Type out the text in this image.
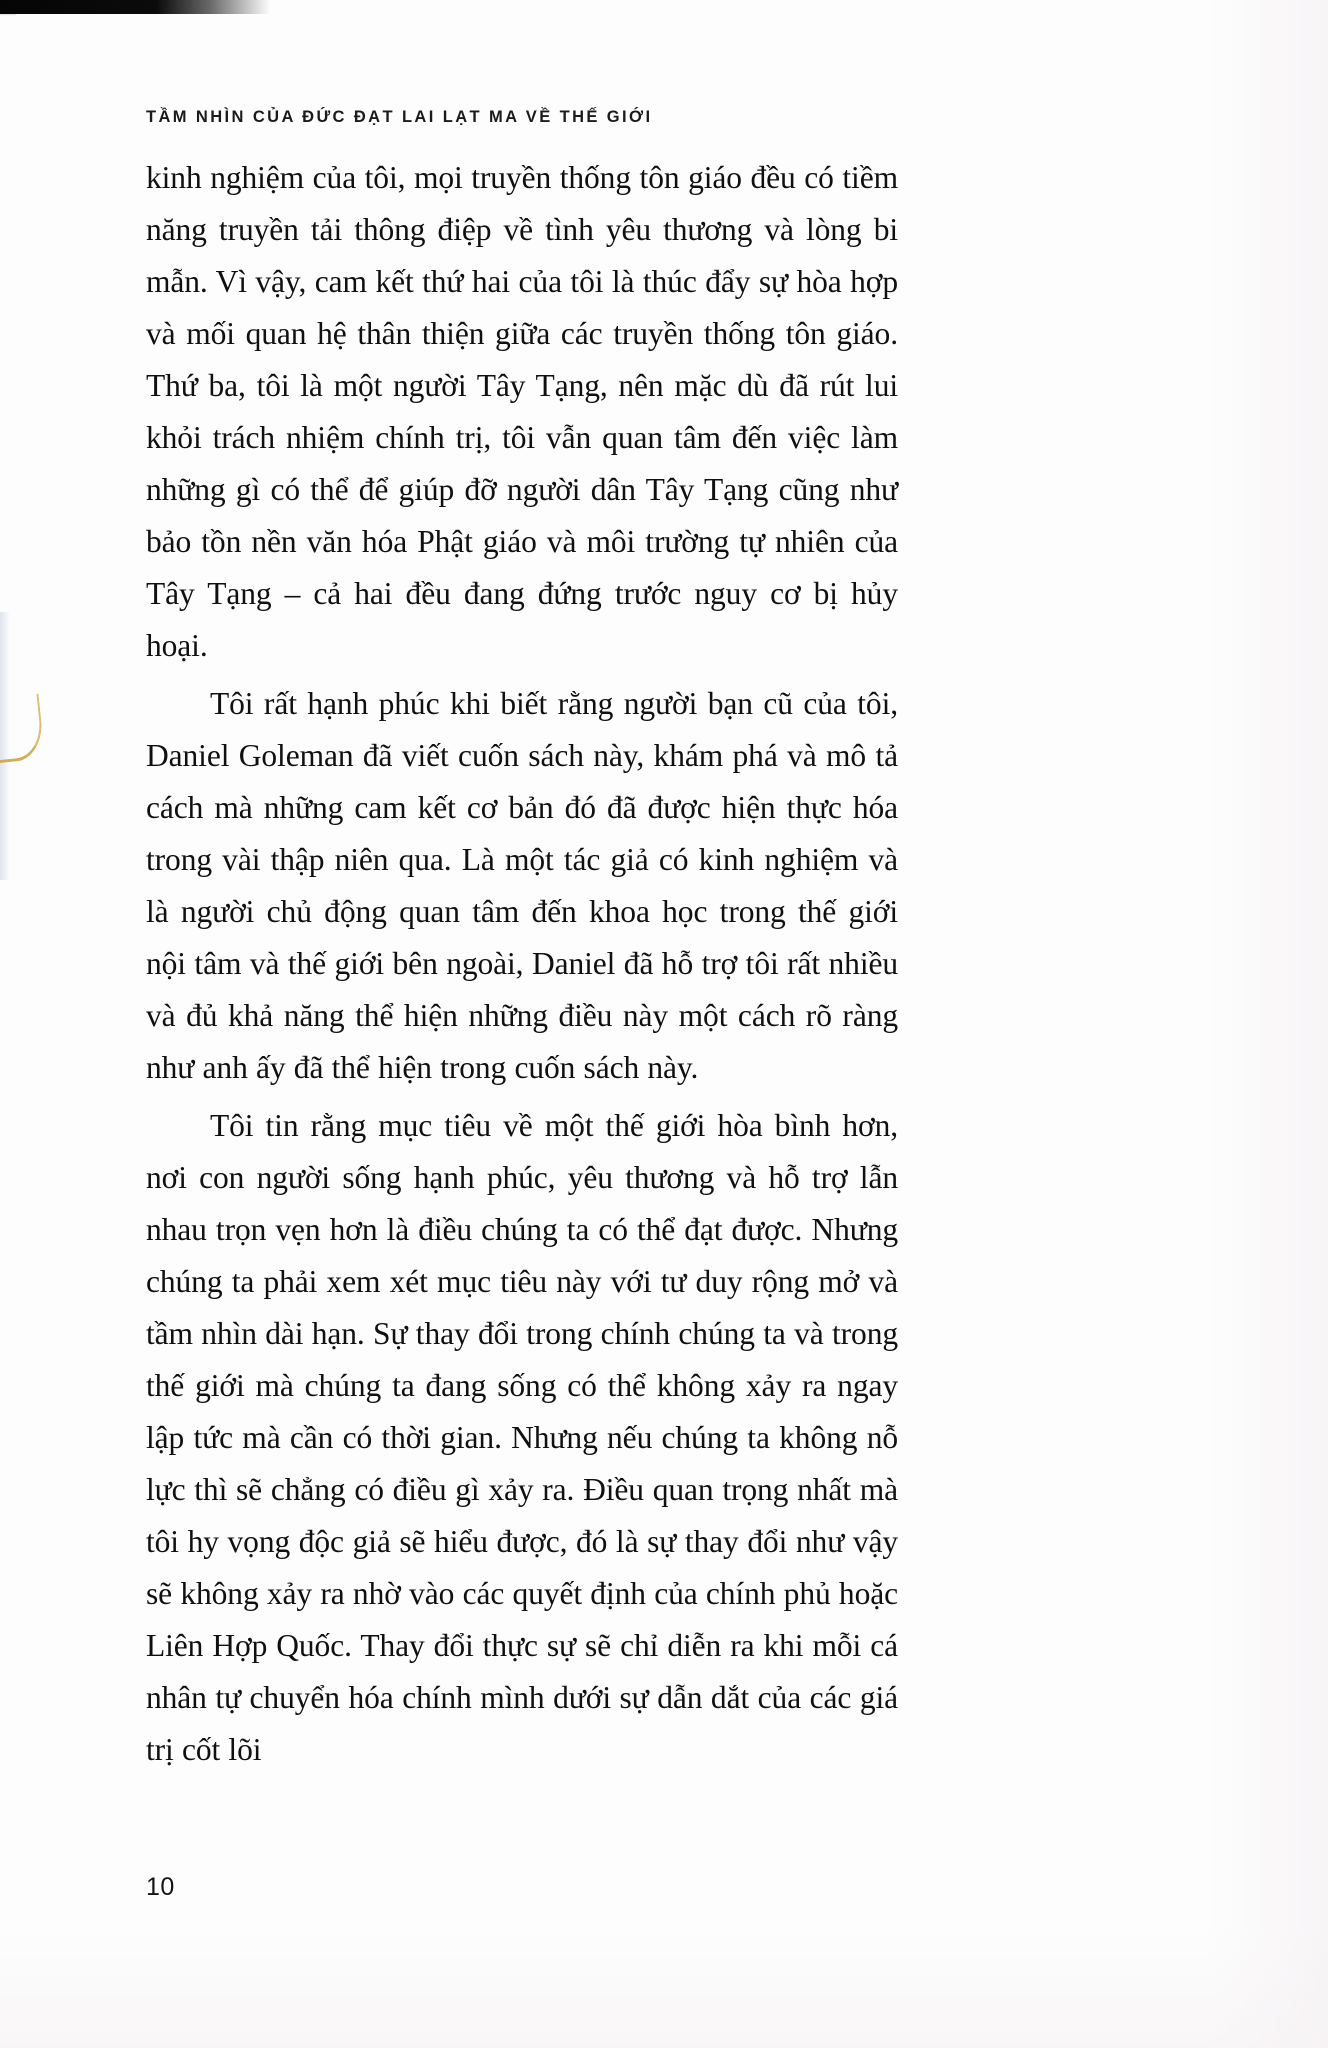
TẦM NHÌN CỦA ĐỨC ĐẠT LAI LẠT MA VỀ THẾ GIỚI

kinh nghiệm của tôi, mọi truyền thống tôn giáo đều có tiềm năng truyền tải thông điệp về tình yêu thương và lòng bi mẫn. Vì vậy, cam kết thứ hai của tôi là thúc đẩy sự hòa hợp và mối quan hệ thân thiện giữa các truyền thống tôn giáo. Thứ ba, tôi là một người Tây Tạng, nên mặc dù đã rút lui khỏi trách nhiệm chính trị, tôi vẫn quan tâm đến việc làm những gì có thể để giúp đỡ người dân Tây Tạng cũng như bảo tồn nền văn hóa Phật giáo và môi trường tự nhiên của Tây Tạng – cả hai đều đang đứng trước nguy cơ bị hủy hoại.

Tôi rất hạnh phúc khi biết rằng người bạn cũ của tôi, Daniel Goleman đã viết cuốn sách này, khám phá và mô tả cách mà những cam kết cơ bản đó đã được hiện thực hóa trong vài thập niên qua. Là một tác giả có kinh nghiệm và là người chủ động quan tâm đến khoa học trong thế giới nội tâm và thế giới bên ngoài, Daniel đã hỗ trợ tôi rất nhiều và đủ khả năng thể hiện những điều này một cách rõ ràng như anh ấy đã thể hiện trong cuốn sách này.

Tôi tin rằng mục tiêu về một thế giới hòa bình hơn, nơi con người sống hạnh phúc, yêu thương và hỗ trợ lẫn nhau trọn vẹn hơn là điều chúng ta có thể đạt được. Nhưng chúng ta phải xem xét mục tiêu này với tư duy rộng mở và tầm nhìn dài hạn. Sự thay đổi trong chính chúng ta và trong thế giới mà chúng ta đang sống có thể không xảy ra ngay lập tức mà cần có thời gian. Nhưng nếu chúng ta không nỗ lực thì sẽ chẳng có điều gì xảy ra. Điều quan trọng nhất mà tôi hy vọng độc giả sẽ hiểu được, đó là sự thay đổi như vậy sẽ không xảy ra nhờ vào các quyết định của chính phủ hoặc Liên Hợp Quốc. Thay đổi thực sự sẽ chỉ diễn ra khi mỗi cá nhân tự chuyển hóa chính mình dưới sự dẫn dắt của các giá trị cốt lõi

10
